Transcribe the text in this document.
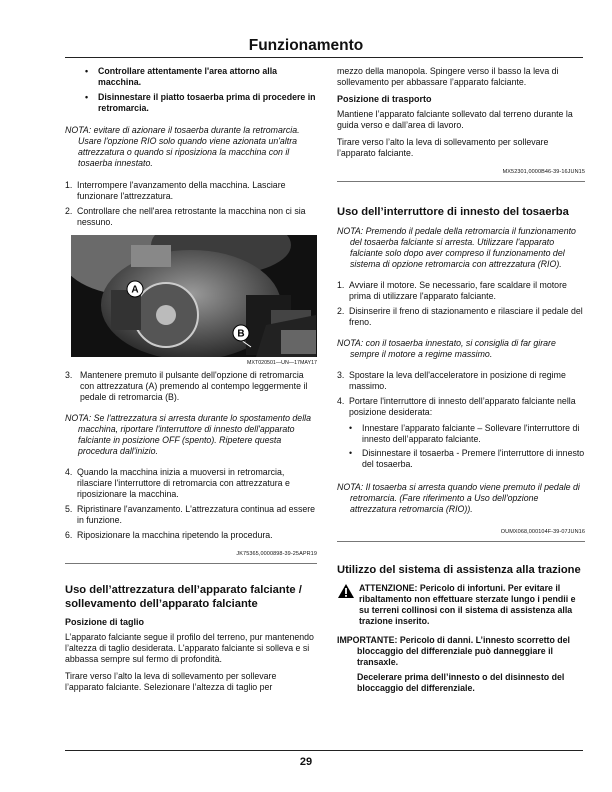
Funzionamento
•	Controllare attentamente l'area attorno alla macchina.
•	Disinnestare il piatto tosaerba prima di procedere in retromarcia.

NOTA: evitare di azionare il tosaerba durante la retromarcia. Usare l'opzione RIO solo quando viene azionata un'altra attrezzatura o quando si riposiziona la macchina con il tosaerba innestato.

1. Interrompere l'avanzamento della macchina. Lasciare funzionare l'attrezzatura.
2. Controllare che nell'area retrostante la macchina non ci sia nessuno.
A
B
MXT020501—UN—17MAY17
3. Mantenere premuto il pulsante dell'opzione di retromarcia con attrezzatura (A) premendo al contempo leggermente il pedale di retromarcia (B).

NOTA: Se l'attrezzatura si arresta durante lo spostamento della macchina, riportare l'interruttore di innesto dell'apparato falciante in posizione OFF (spento). Ripetere questa procedura dall'inizio.

4. Quando la macchina inizia a muoversi in retromarcia, rilasciare l'interruttore di retromarcia con attrezzatura e riposizionare la macchina.
5. Ripristinare l'avanzamento. L'attrezzatura continua ad essere in funzione.
6. Riposizionare la macchina ripetendo la procedura.
JK75365,0000898-39-25APR19
Uso dell’attrezzatura dell’apparato falciante / sollevamento dell’apparato falciante
Posizione di taglio

L’apparato falciante segue il profilo del terreno, pur mantenendo l’altezza di taglio desiderata. L'apparato falciante si solleva e si abbassa sempre sul fermo di profondità.

Tirare verso l’alto la leva di sollevamento per sollevare l’apparato falciante. Selezionare l’altezza di taglio per

mezzo della manopola. Spingere verso il basso la leva di sollevamento per abbassare l’apparato falciante.

Posizione di trasporto

Mantiene l’apparato falciante sollevato dal terreno durante la guida verso e dall’area di lavoro.

Tirare verso l’alto la leva di sollevamento per sollevare l’apparato falciante.

MX52301,0000B46-39-16JUN15
Uso dell’interruttore di innesto del tosaerba

NOTA: Premendo il pedale della retromarcia il funzionamento del tosaerba falciante si arresta. Utilizzare l'apparato falciante solo dopo aver compreso il funzionamento del sistema di opzione retromarcia con attrezzatura (RIO).

1. Avviare il motore. Se necessario, fare scaldare il motore prima di utilizzare l'apparato falciante.
2. Disinserire il freno di stazionamento e rilasciare il pedale del freno.

NOTA: con il tosaerba innestato, si consiglia di far girare sempre il motore a regime massimo.

3. Spostare la leva dell'acceleratore in posizione di regime massimo.
4. Portare l'interruttore di innesto dell’apparato falciante nella posizione desiderata:
•	Innestare l’apparato falciante – Sollevare l'interruttore di innesto dell’apparato falciante.
•	Disinnestare il tosaerba - Premere l'interruttore di innesto del tosaerba.

NOTA: Il tosaerba si arresta quando viene premuto il pedale di retromarcia. (Fare riferimento a Uso dell'opzione attrezzatura retromarcia (RIO)).

OUMX068,000104F-39-07JUN16
Utilizzo del sistema di assistenza alla trazione

ATTENZIONE: Pericolo di infortuni. Per evitare il ribaltamento non effettuare sterzate lungo i pendii e su terreni collinosi con il sistema di assistenza alla trazione inserito.

IMPORTANTE: Pericolo di danni. L’innesto scorretto del bloccaggio del differenziale può danneggiare il transaxle.

Decelerare prima dell’innesto o del disinnesto del bloccaggio del differenziale.

29
